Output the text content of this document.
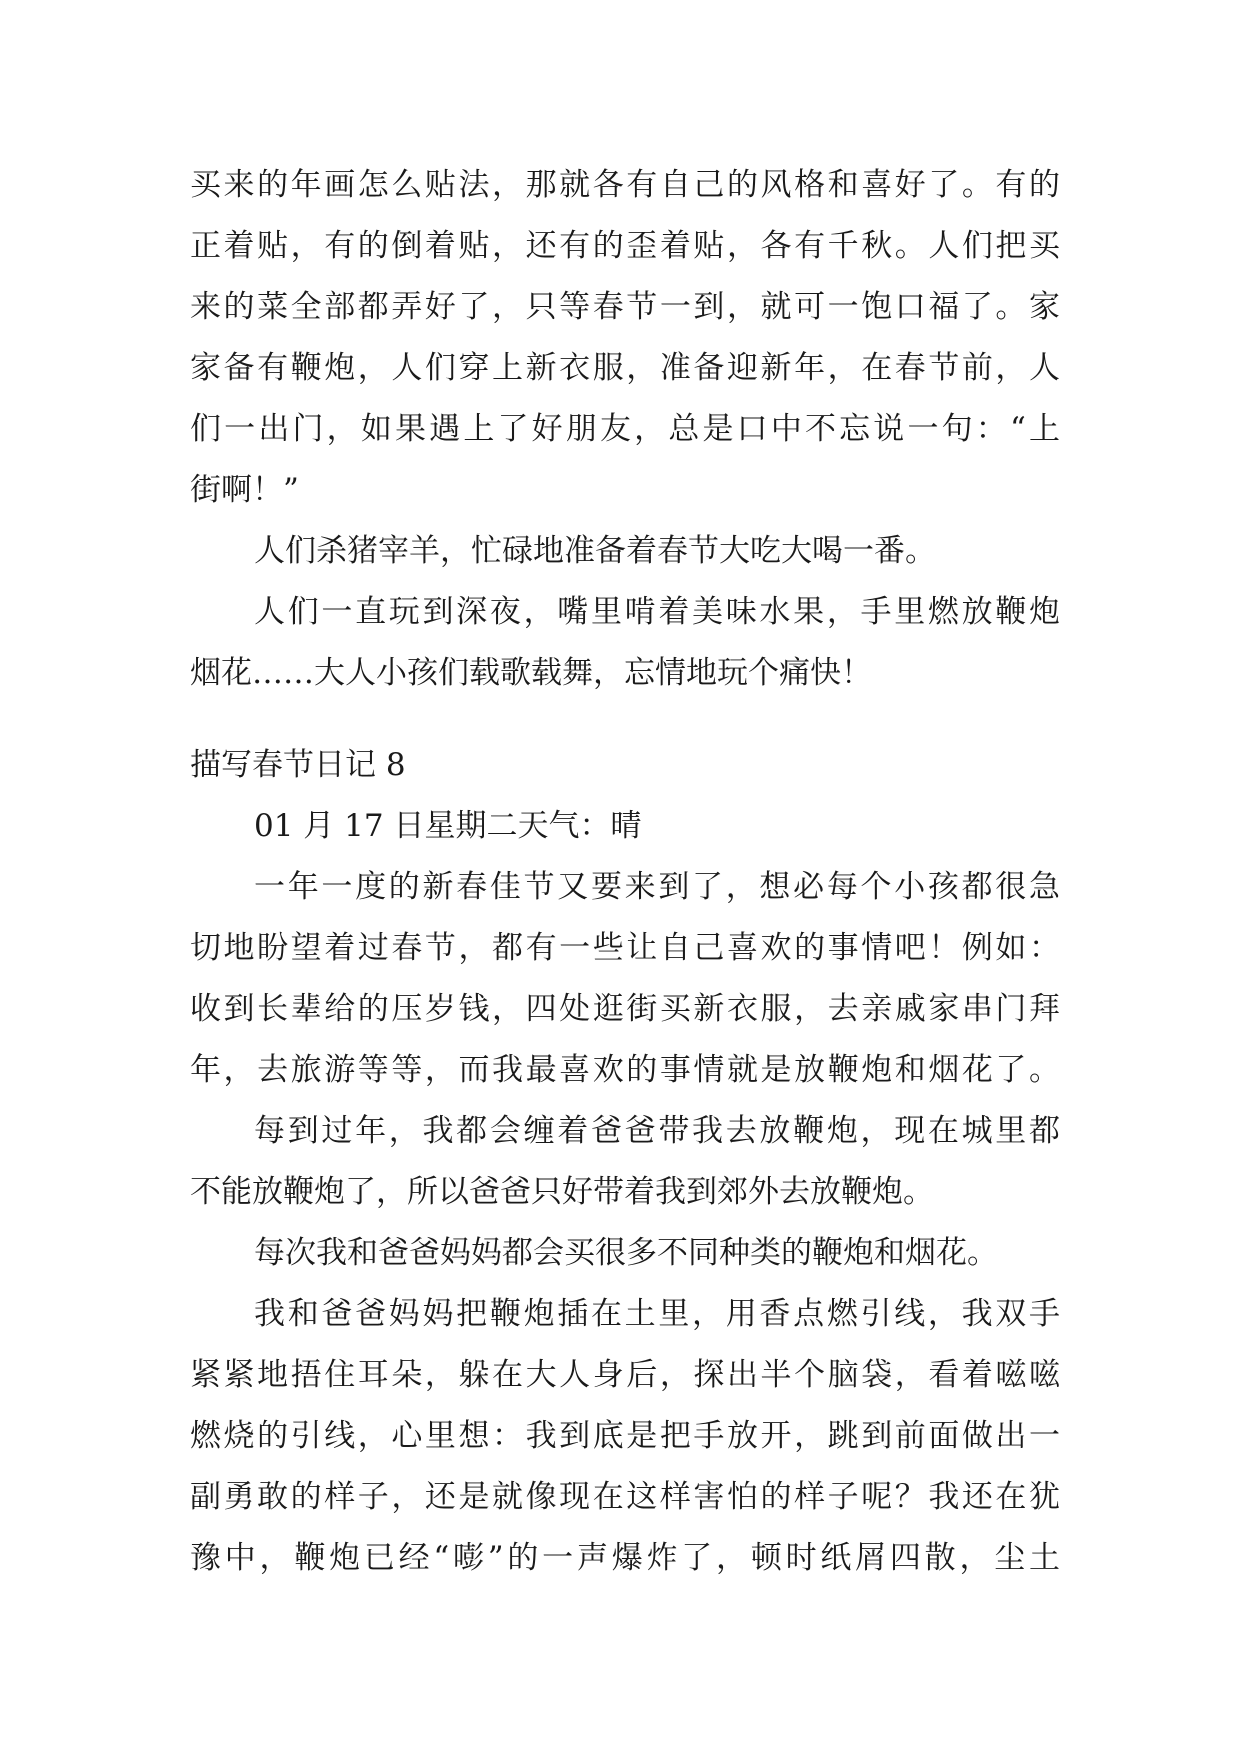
买来的年画怎么贴法，那就各有自己的风格和喜好了。有的
正着贴，有的倒着贴，还有的歪着贴，各有千秋。人们把买
来的菜全部都弄好了，只等春节一到，就可一饱口福了。家
家备有鞭炮，人们穿上新衣服，准备迎新年，在春节前，人
们一出门，如果遇上了好朋友，总是口中不忘说一句：“上
街啊！”
人们杀猪宰羊，忙碌地准备着春节大吃大喝一番。
人们一直玩到深夜，嘴里啃着美味水果，手里燃放鞭炮
烟花……大人小孩们载歌载舞，忘情地玩个痛快！
描写春节日记 8
01 月 17 日星期二天气：晴
一年一度的新春佳节又要来到了，想必每个小孩都很急
切地盼望着过春节，都有一些让自己喜欢的事情吧！例如：
收到长辈给的压岁钱，四处逛街买新衣服，去亲戚家串门拜
年，去旅游等等，而我最喜欢的事情就是放鞭炮和烟花了。
每到过年，我都会缠着爸爸带我去放鞭炮，现在城里都
不能放鞭炮了，所以爸爸只好带着我到郊外去放鞭炮。
每次我和爸爸妈妈都会买很多不同种类的鞭炮和烟花。
我和爸爸妈妈把鞭炮插在土里，用香点燃引线，我双手
紧紧地捂住耳朵，躲在大人身后，探出半个脑袋，看着嗞嗞
燃烧的引线，心里想：我到底是把手放开，跳到前面做出一
副勇敢的样子，还是就像现在这样害怕的样子呢？我还在犹
豫中，鞭炮已经“嘭”的一声爆炸了，顿时纸屑四散，尘土
